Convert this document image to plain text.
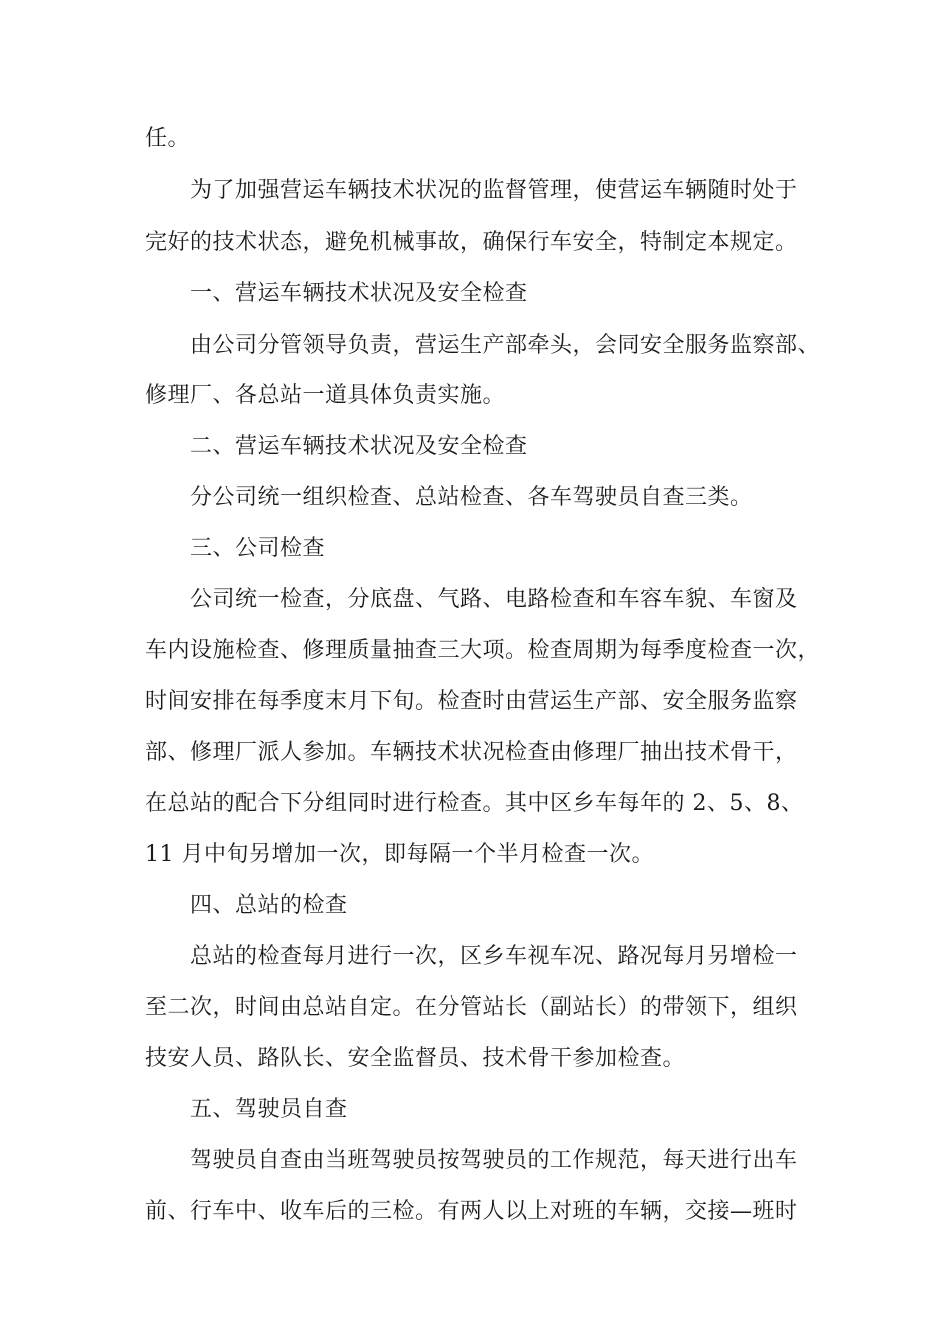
任。
为了加强营运车辆技术状况的监督管理，使营运车辆随时处于
完好的技术状态，避免机械事故，确保行车安全，特制定本规定。
一、营运车辆技术状况及安全检查
由公司分管领导负责，营运生产部牵头，会同安全服务监察部、
修理厂、各总站一道具体负责实施。
二、营运车辆技术状况及安全检查
分公司统一组织检查、总站检查、各车驾驶员自查三类。
三、公司检查
公司统一检查，分底盘、气路、电路检查和车容车貌、车窗及
车内设施检查、修理质量抽查三大项。检查周期为每季度检查一次，
时间安排在每季度末月下旬。检查时由营运生产部、安全服务监察
部、修理厂派人参加。车辆技术状况检查由修理厂抽出技术骨干，
在总站的配合下分组同时进行检查。其中区乡车每年的 2、5、8、
11 月中旬另增加一次，即每隔一个半月检查一次。
四、总站的检查
总站的检查每月进行一次，区乡车视车况、路况每月另增检一
至二次，时间由总站自定。在分管站长（副站长）的带领下，组织
技安人员、路队长、安全监督员、技术骨干参加检查。
五、驾驶员自查
驾驶员自查由当班驾驶员按驾驶员的工作规范，每天进行出车
前、行车中、收车后的三检。有两人以上对班的车辆，交接—班时
